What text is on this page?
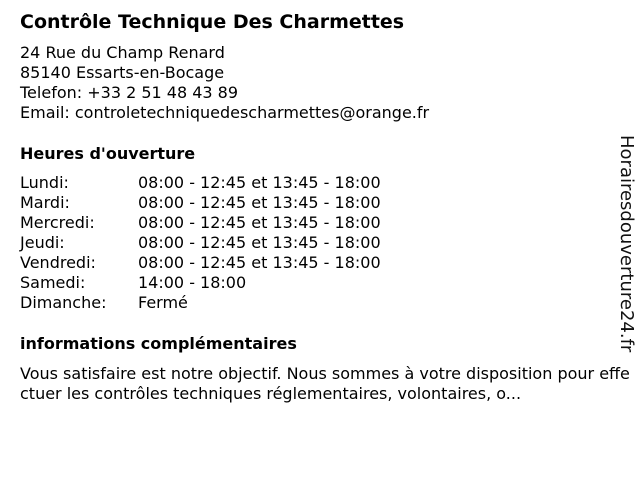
Contrôle Technique Des Charmettes
24 Rue du Champ Renard
85140 Essarts-en-Bocage
Telefon: +33 2 51 48 43 89
Email: controletechniquedescharmettes@orange.fr
Heures d'ouverture
Lundi:	08:00 - 12:45 et 13:45 - 18:00
Mardi:	08:00 - 12:45 et 13:45 - 18:00
Mercredi:	08:00 - 12:45 et 13:45 - 18:00
Jeudi:	08:00 - 12:45 et 13:45 - 18:00
Vendredi:	08:00 - 12:45 et 13:45 - 18:00
Samedi:	14:00 - 18:00
Dimanche: Fermé
informations complémentaires
Vous satisfaire est notre objectif. Nous sommes à votre disposition pour effectuer les contrôles techniques réglementaires, volontaires, o...
Horairesdouverture24.fr
